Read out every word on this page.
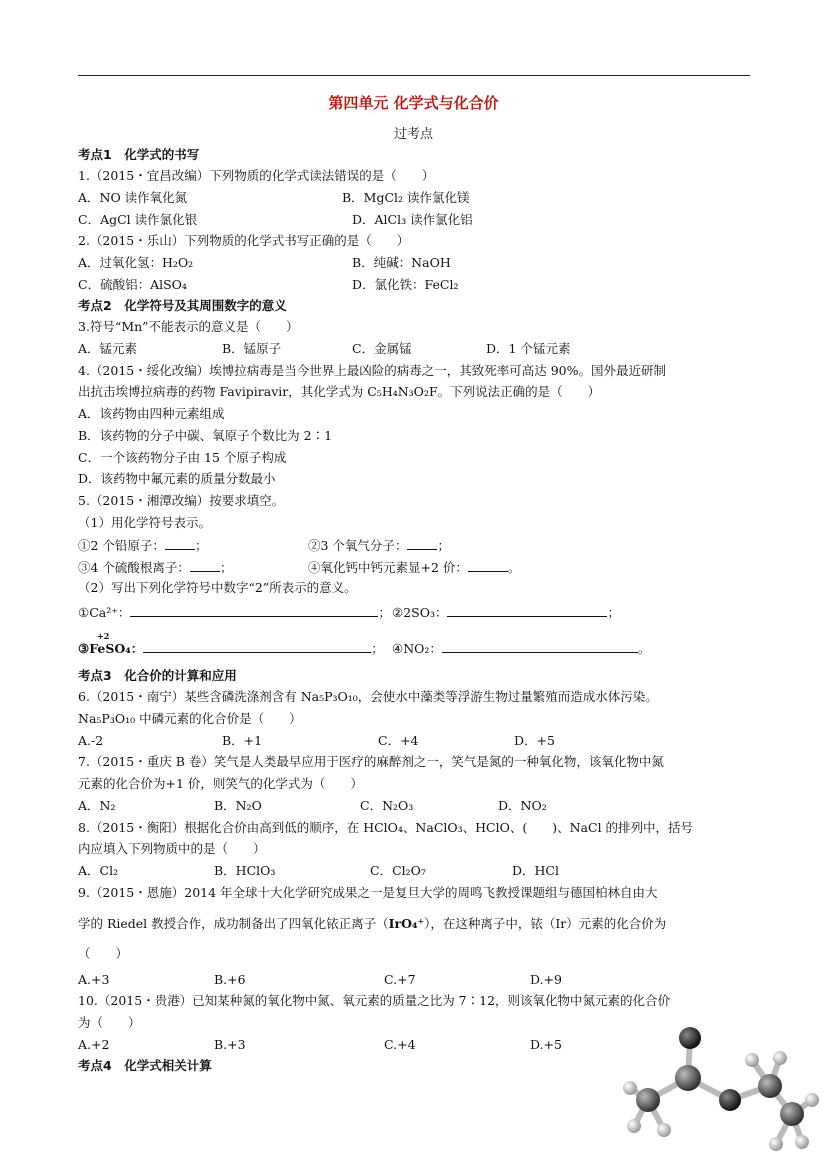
第四单元 化学式与化合价
过考点
考点1　化学式的书写
1.（2015・宜昌改编）下列物质的化学式读法错误的是（　　）
A．NO 读作氧化氮	B．MgCl₂ 读作氯化镁
C．AgCl 读作氯化银	D．AlCl₃ 读作氯化铝
2.（2015・乐山）下列物质的化学式书写正确的是（　　）
A．过氧化氢：H₂O₂	B．纯碱：NaOH
C．硫酸铝：AlSO₄	D．氯化铁：FeCl₂
考点2　化学符号及其周围数字的意义
3.符号“Mn”不能表示的意义是（　　）
A．锰元素	B．锰原子	C．金属锰	D．1 个锰元素
4.（2015・绥化改编）埃博拉病毒是当今世界上最凶险的病毒之一，其致死率可高达 90%。国外最近研制
出抗击埃博拉病毒的药物 Favipiravir，其化学式为 C₅H₄N₃O₂F。下列说法正确的是（　　）
A．该药物由四种元素组成
B．该药物的分子中碳、氧原子个数比为 2∶1
C．一个该药物分子由 15 个原子构成
D．该药物中氟元素的质量分数最小
5.（2015・湘潭改编）按要求填空。
（1）用化学符号表示。
①2 个铅原子： ；	②3 个氧气分子： ；
③4 个硫酸根离子： ；	④氧化钙中钙元素显+2 价：	。
（2）写出下列化学符号中数字“2”所表示的意义。
①Ca²⁺：	； ②2SO₃：	；
+2
③FeSO₄：	； ④NO₂：	。
考点3　化合价的计算和应用
6.（2015・南宁）某些含磷洗涤剂含有 Na₅P₃O₁₀，会使水中藻类等浮游生物过量繁殖而造成水体污染。
Na₅P₃O₁₀ 中磷元素的化合价是（　　）
A.-2	B．+1	C．+4	D．+5
7.（2015・重庆 B 卷）笑气是人类最早应用于医疗的麻醉剂之一，笑气是氮的一种氧化物，该氧化物中氮
元素的化合价为+1 价，则笑气的化学式为（　　）
A．N₂	B．N₂O	C．N₂O₃	D．NO₂
8.（2015・衡阳）根据化合价由高到低的顺序，在 HClO₄、NaClO₃、HClO、(　　)、NaCl 的排列中，括号
内应填入下列物质中的是（　　）
A．Cl₂	B．HClO₃	C．Cl₂O₇	D．HCl
9.（2015・恩施）2014 年全球十大化学研究成果之一是复旦大学的周鸣飞教授课题组与德国柏林自由大
学的 Riedel 教授合作，成功制备出了四氧化铱正离子（IrO₄⁺），在这种离子中，铱（Ir）元素的化合价为
（　　）
A.+3	B.+6	C.+7	D.+9
10.（2015・贵港）已知某种氮的氧化物中氮、氧元素的质量之比为 7∶12，则该氧化物中氮元素的化合价
为（　　）
A.+2	B.+3	C.+4	D.+5
考点4　化学式相关计算
